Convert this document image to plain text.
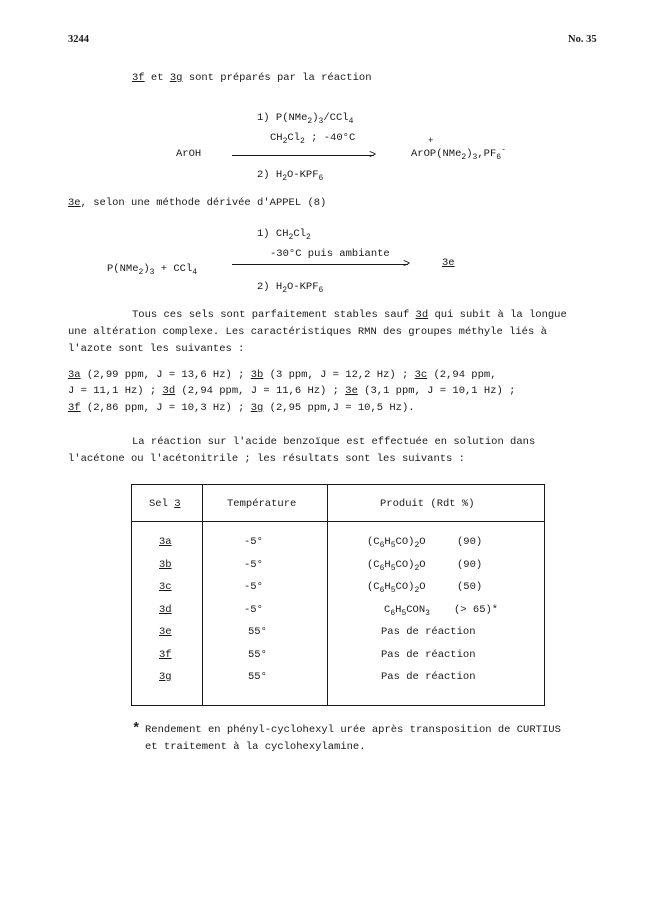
3244	No. 35
3f et 3g sont préparés par la réaction
1) $P(NMe_2)_3/CCl_4$
$CH_2Cl_2$ ; -40°C
ArOH	>
+
$ArOP(NMe_2)_3,PF_6^-$
2) $H_2O-KPF_6$
3e, selon une méthode dérivée d'APPEL (8)
1) $CH_2Cl_2$
-30°C puis ambiante
$P(NMe_2)_3 + CCl_4$
>	3e
2) $H_2O-KPF_6$
Tous ces sels sont parfaitement stables sauf 3d qui subit à la longue
une altération complexe. Les caractéristiques RMN des groupes méthyle liés à
l'azote sont les suivantes :
3a (2,99 ppm, J = 13,6 Hz) ; 3b (3 ppm, J = 12,2 Hz) ; 3c (2,94 ppm,
J = 11,1 Hz) ; 3d (2,94 ppm, J = 11,6 Hz) ; 3e (3,1 ppm, J = 10,1 Hz) ;
3f (2,86 ppm, J = 10,3 Hz) ; 3g (2,95 ppm,J = 10,5 Hz).
La réaction sur l'acide benzoïque est effectuée en solution dans
l'acétone ou l'acétonitrile ; les résultats sont les suivants :
Sel 3	Température	Produit (Rdt %)
3a	-5°	$(C_6H_5CO)_2O$	(90)
3b	-5°	$(C_6H_5CO)_2O$	(90)
3c	-5°	$(C_6H_5CO)_2O$	(50)
3d	-5°	$C_6H_5CON_3$ (> 65)*
3e	55°	Pas de réaction
3f	55°	Pas de réaction
3g	55°	Pas de réaction
* Rendement en phényl-cyclohexyl urée après transposition de CURTIUS
et traitement à la cyclohexylamine.
